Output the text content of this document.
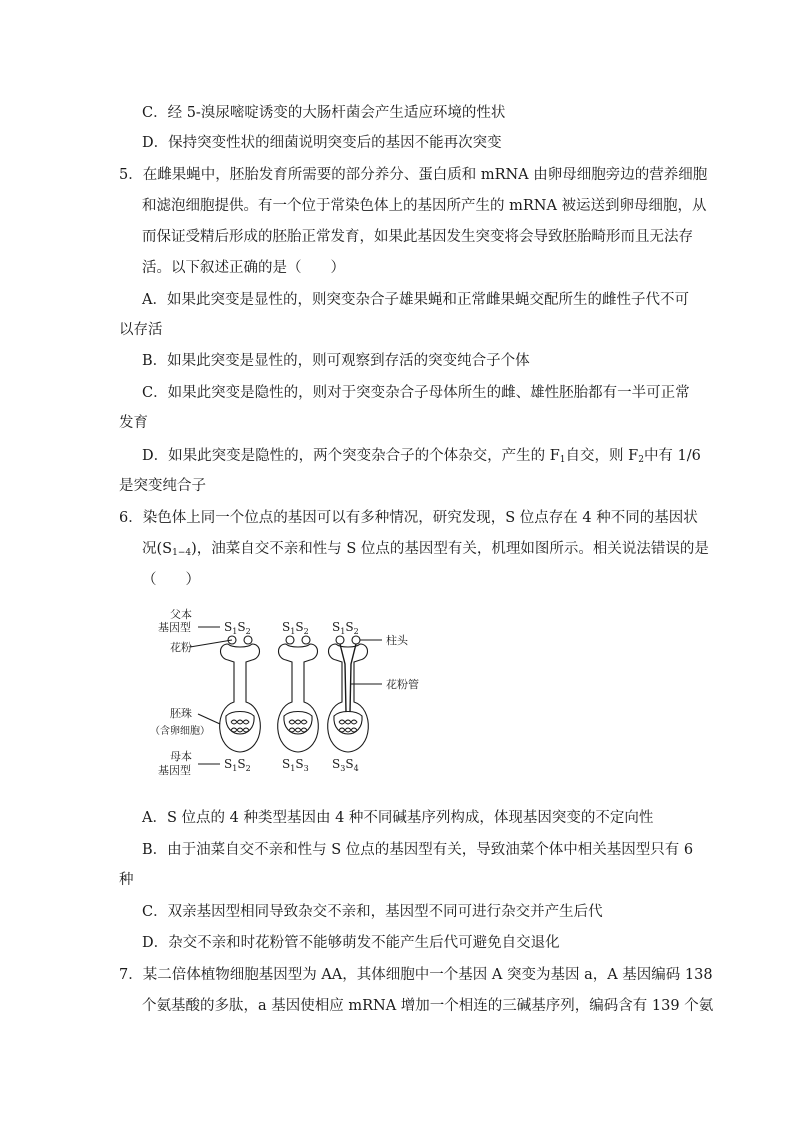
C．经 5-溴尿嘧啶诱变的大肠杆菌会产生适应环境的性状
D．保持突变性状的细菌说明突变后的基因不能再次突变
5．在雌果蝇中，胚胎发育所需要的部分养分、蛋白质和 mRNA 由卵母细胞旁边的营养细胞
和滤泡细胞提供。有一个位于常染色体上的基因所产生的 mRNA 被运送到卵母细胞，从
而保证受精后形成的胚胎正常发育，如果此基因发生突变将会导致胚胎畸形而且无法存
活。以下叙述正确的是（　　）
A．如果此突变是显性的，则突变杂合子雄果蝇和正常雌果蝇交配所生的雌性子代不可
以存活
B．如果此突变是显性的，则可观察到存活的突变纯合子个体
C．如果此突变是隐性的，则对于突变杂合子母体所生的雌、雄性胚胎都有一半可正常
发育
D．如果此突变是隐性的，两个突变杂合子的个体杂交，产生的 $F_1$自交，则 $F_2$中有 1/6
是突变纯合子
6．染色体上同一个位点的基因可以有多种情况，研究发现，S 位点存在 4 种不同的基因状
况$(S_{1-4})$，油菜自交不亲和性与 S 位点的基因型有关，机理如图所示。相关说法错误的是
（　　）
父本
基因型
花粉
胚珠
（含卵细胞）
母本
基因型
柱头
花粉管
$S_1S_2$	$S_1S_2$ $S_1S_2$
$S_1S_2$	$S_1S_3$ $S_3S_4$
A．S 位点的 4 种类型基因由 4 种不同碱基序列构成，体现基因突变的不定向性
B．由于油菜自交不亲和性与 S 位点的基因型有关，导致油菜个体中相关基因型只有 6
种
C．双亲基因型相同导致杂交不亲和，基因型不同可进行杂交并产生后代
D．杂交不亲和时花粉管不能够萌发不能产生后代可避免自交退化
7．某二倍体植物细胞基因型为 AA，其体细胞中一个基因 A 突变为基因 a，A 基因编码 138
个氨基酸的多肽，a 基因使相应 mRNA 增加一个相连的三碱基序列，编码含有 139 个氨
